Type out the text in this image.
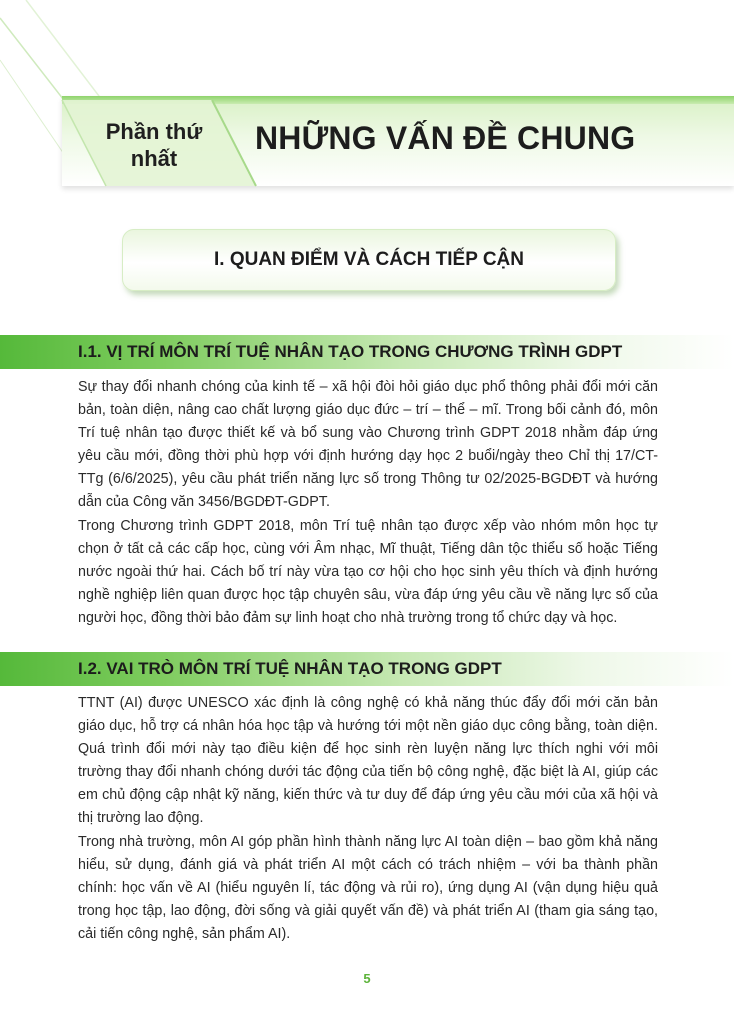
Phần thứ nhất
NHỮNG VẤN ĐỀ CHUNG
I. QUAN ĐIỂM VÀ CÁCH TIẾP CẬN
I.1. VỊ TRÍ MÔN TRÍ TUỆ NHÂN TẠO TRONG CHƯƠNG TRÌNH GDPT

Sự thay đổi nhanh chóng của kinh tế – xã hội đòi hỏi giáo dục phổ thông phải đổi mới căn bản, toàn diện, nâng cao chất lượng giáo dục đức – trí – thể – mĩ. Trong bối cảnh đó, môn Trí tuệ nhân tạo được thiết kế và bổ sung vào Chương trình GDPT 2018 nhằm đáp ứng yêu cầu mới, đồng thời phù hợp với định hướng dạy học 2 buổi/ngày theo Chỉ thị 17/CT-TTg (6/6/2025), yêu cầu phát triển năng lực số trong Thông tư 02/2025-BGDĐT và hướng dẫn của Công văn 3456/BGDĐT-GDPT.

Trong Chương trình GDPT 2018, môn Trí tuệ nhân tạo được xếp vào nhóm môn học tự chọn ở tất cả các cấp học, cùng với Âm nhạc, Mĩ thuật, Tiếng dân tộc thiểu số hoặc Tiếng nước ngoài thứ hai. Cách bố trí này vừa tạo cơ hội cho học sinh yêu thích và định hướng nghề nghiệp liên quan được học tập chuyên sâu, vừa đáp ứng yêu cầu về năng lực số của người học, đồng thời bảo đảm sự linh hoạt cho nhà trường trong tổ chức dạy và học.

I.2. VAI TRÒ MÔN TRÍ TUỆ NHÂN TẠO TRONG GDPT

TTNT (AI) được UNESCO xác định là công nghệ có khả năng thúc đẩy đổi mới căn bản giáo dục, hỗ trợ cá nhân hóa học tập và hướng tới một nền giáo dục công bằng, toàn diện. Quá trình đổi mới này tạo điều kiện để học sinh rèn luyện năng lực thích nghi với môi trường thay đổi nhanh chóng dưới tác động của tiến bộ công nghệ, đặc biệt là AI, giúp các em chủ động cập nhật kỹ năng, kiến thức và tư duy để đáp ứng yêu cầu mới của xã hội và thị trường lao động.

Trong nhà trường, môn AI góp phần hình thành năng lực AI toàn diện – bao gồm khả năng hiểu, sử dụng, đánh giá và phát triển AI một cách có trách nhiệm – với ba thành phần chính: học vấn về AI (hiểu nguyên lí, tác động và rủi ro), ứng dụng AI (vận dụng hiệu quả trong học tập, lao động, đời sống và giải quyết vấn đề) và phát triển AI (tham gia sáng tạo, cải tiến công nghệ, sản phẩm AI).

5
